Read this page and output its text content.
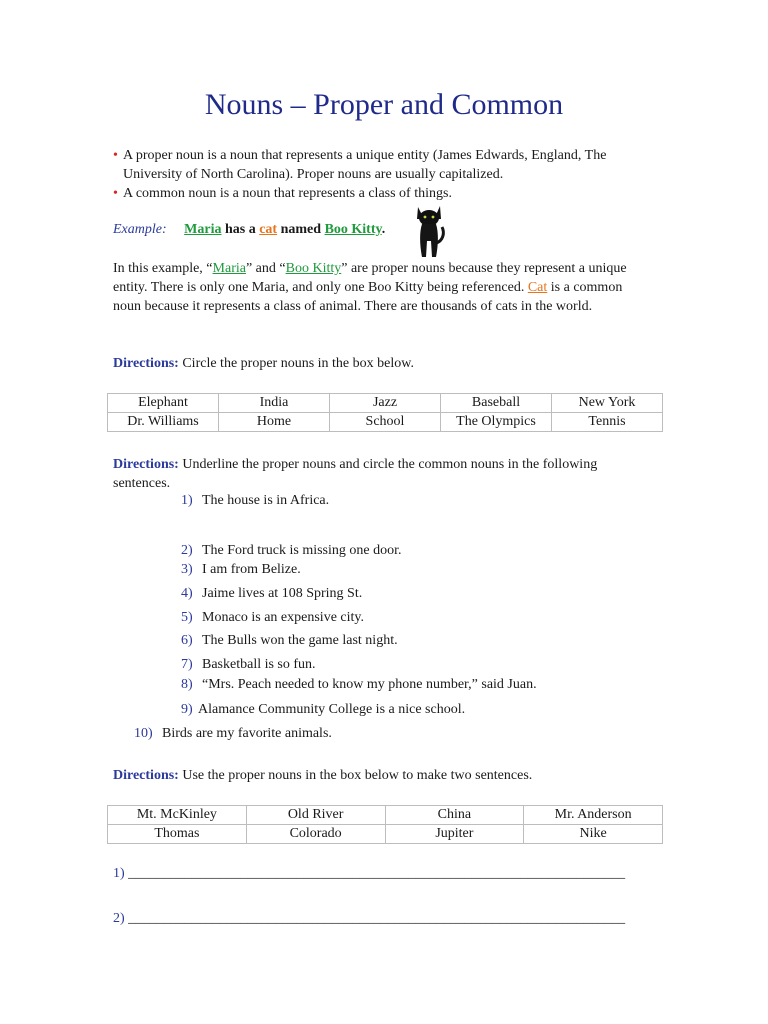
Nouns – Proper and Common
• A proper noun is a noun that represents a unique entity (James Edwards, England, The University of North Carolina). Proper nouns are usually capitalized.
• A common noun is a noun that represents a class of things.
Example: Maria has a cat named Boo Kitty.
In this example, “Maria” and “Boo Kitty” are proper nouns because they represent a unique entity. There is only one Maria, and only one Boo Kitty being referenced. Cat is a common noun because it represents a class of animal. There are thousands of cats in the world.
Directions: Circle the proper nouns in the box below.
Elephant	India	Jazz	Baseball	New York
Dr. Williams	Home	School	The Olympics	Tennis
Directions: Underline the proper nouns and circle the common nouns in the following sentences.
1) The house is in Africa.
2) The Ford truck is missing one door.
3) I am from Belize.
4) Jaime lives at 108 Spring St.
5) Monaco is an expensive city.
6) The Bulls won the game last night.
7) Basketball is so fun.
8) “Mrs. Peach needed to know my phone number,” said Juan.
9) Alamance Community College is a nice school.
10) Birds are my favorite animals.
Directions: Use the proper nouns in the box below to make two sentences.
Mt. McKinley	Old River	China	Mr. Anderson
Thomas	Colorado	Jupiter	Nike
1) _______________________________________________________________________
2) _______________________________________________________________________
